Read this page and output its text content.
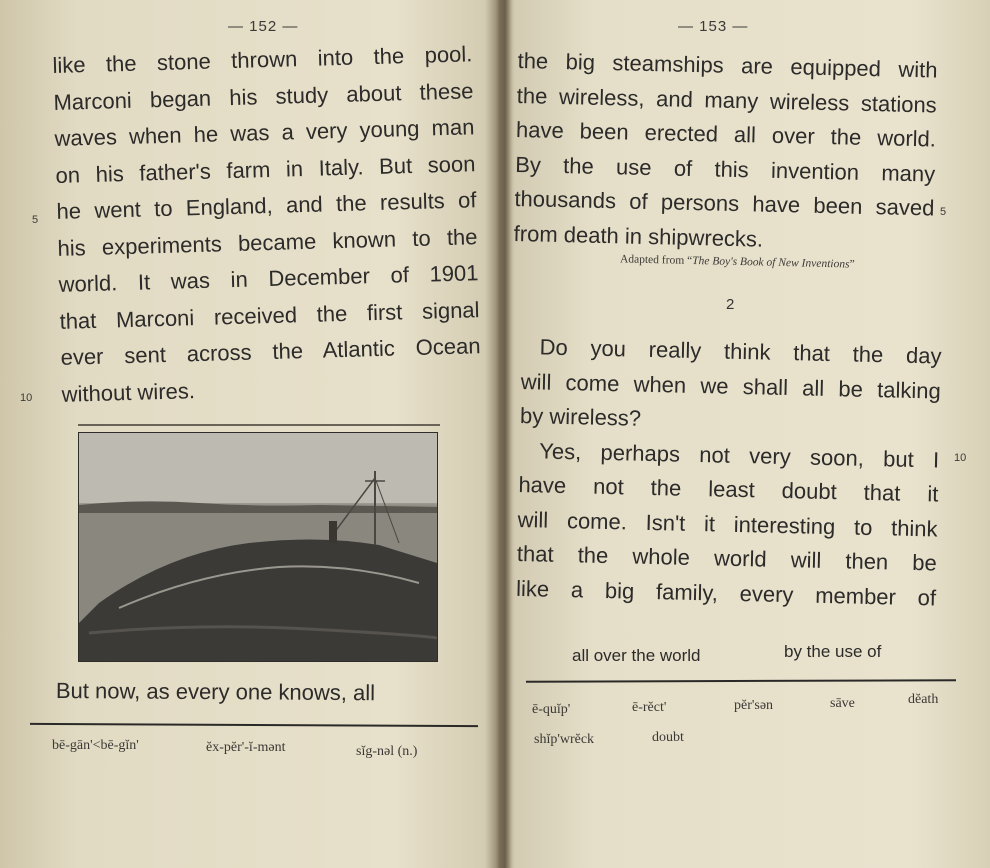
— 152 —
like the stone thrown into the pool.
Marconi began his study about these
waves when he was a very young man
on his father's farm in Italy. But soon
he went to England, and the results of
his experiments became known to the
world. It was in December of 1901
that Marconi received the first signal
ever sent across the Atlantic Ocean
without wires.
5
10
But now, as every one knows, all
bē-gān'<bē-gĭn'	ĕx-pĕr'-ĭ-mənt	sĭg-nəl (n.)
— 153 —
the big steamships are equipped with
the wireless, and many wireless stations
have been erected all over the world.
By the use of this invention many
thousands of persons have been saved
from death in shipwrecks.
5
Adapted from “The Boy's Book of New Inventions”
2
Do you really think that the day
will come when we shall all be talking
by wireless?
Yes, perhaps not very soon, but I
have not the least doubt that it
will come. Isn't it interesting to think
that the whole world will then be
like a big family, every member of
10
all over the world	by the use of
ē-quĭp'	ē-rĕct'	pĕr'sən	sāve	dĕath
shĭp'wrĕck	doubt
